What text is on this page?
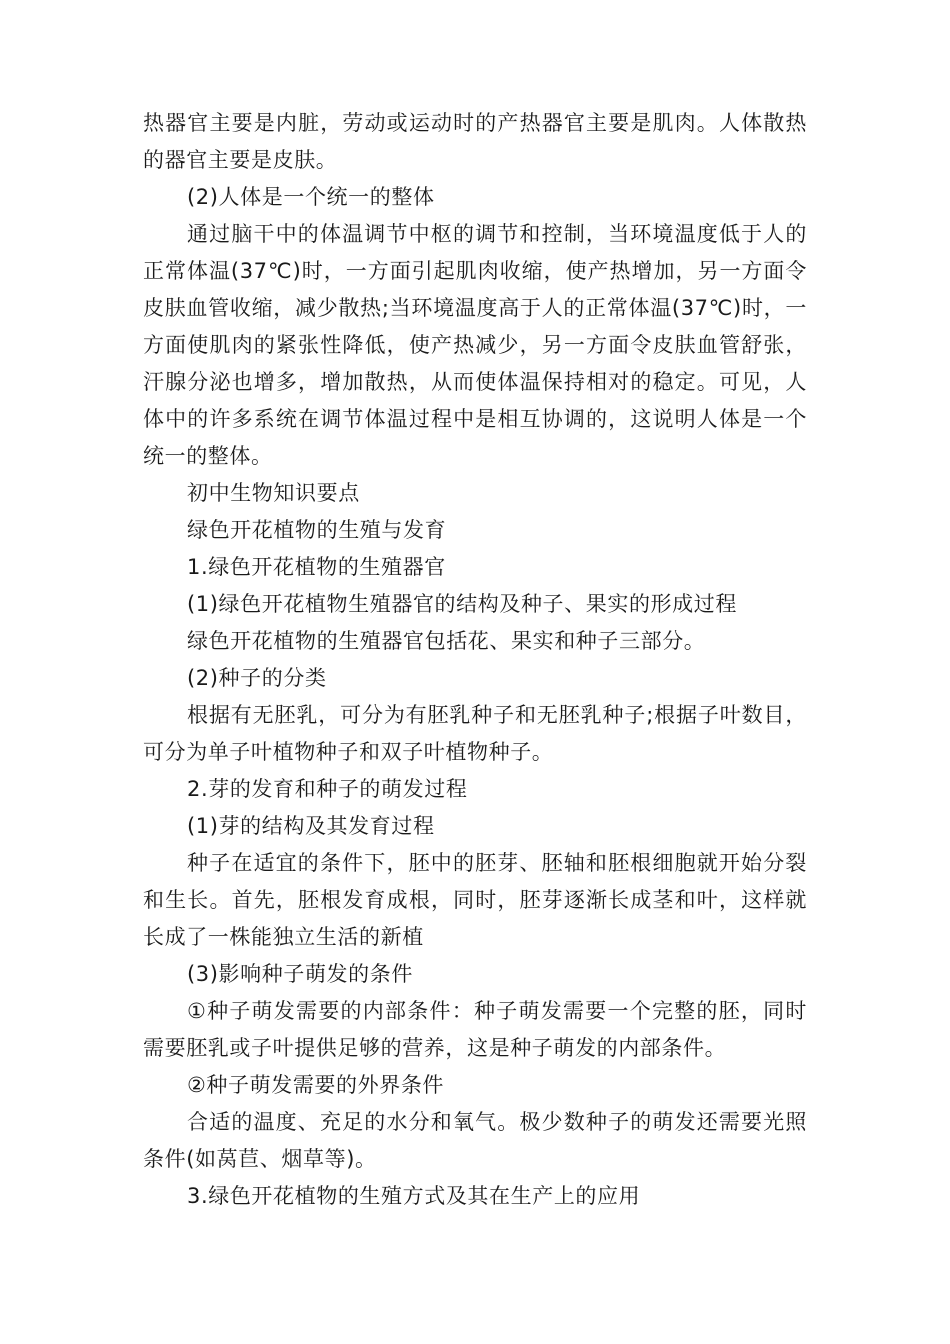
热器官主要是内脏，劳动或运动时的产热器官主要是肌肉。人体散热的器官主要是皮肤。

(2)人体是一个统一的整体

通过脑干中的体温调节中枢的调节和控制，当环境温度低于人的正常体温(37℃)时，一方面引起肌肉收缩，使产热增加，另一方面令皮肤血管收缩，减少散热;当环境温度高于人的正常体温(37℃)时，一方面使肌肉的紧张性降低，使产热减少，另一方面令皮肤血管舒张，汗腺分泌也增多，增加散热，从而使体温保持相对的稳定。可见，人体中的许多系统在调节体温过程中是相互协调的，这说明人体是一个统一的整体。

初中生物知识要点

绿色开花植物的生殖与发育

1.绿色开花植物的生殖器官

(1)绿色开花植物生殖器官的结构及种子、果实的形成过程

绿色开花植物的生殖器官包括花、果实和种子三部分。

(2)种子的分类

根据有无胚乳，可分为有胚乳种子和无胚乳种子;根据子叶数目，可分为单子叶植物种子和双子叶植物种子。

2.芽的发育和种子的萌发过程

(1)芽的结构及其发育过程

种子在适宜的条件下，胚中的胚芽、胚轴和胚根细胞就开始分裂和生长。首先，胚根发育成根，同时，胚芽逐渐长成茎和叶，这样就长成了一株能独立生活的新植

(3)影响种子萌发的条件

①种子萌发需要的内部条件：种子萌发需要一个完整的胚，同时需要胚乳或子叶提供足够的营养，这是种子萌发的内部条件。

②种子萌发需要的外界条件

合适的温度、充足的水分和氧气。极少数种子的萌发还需要光照条件(如莴苣、烟草等)。

3.绿色开花植物的生殖方式及其在生产上的应用
